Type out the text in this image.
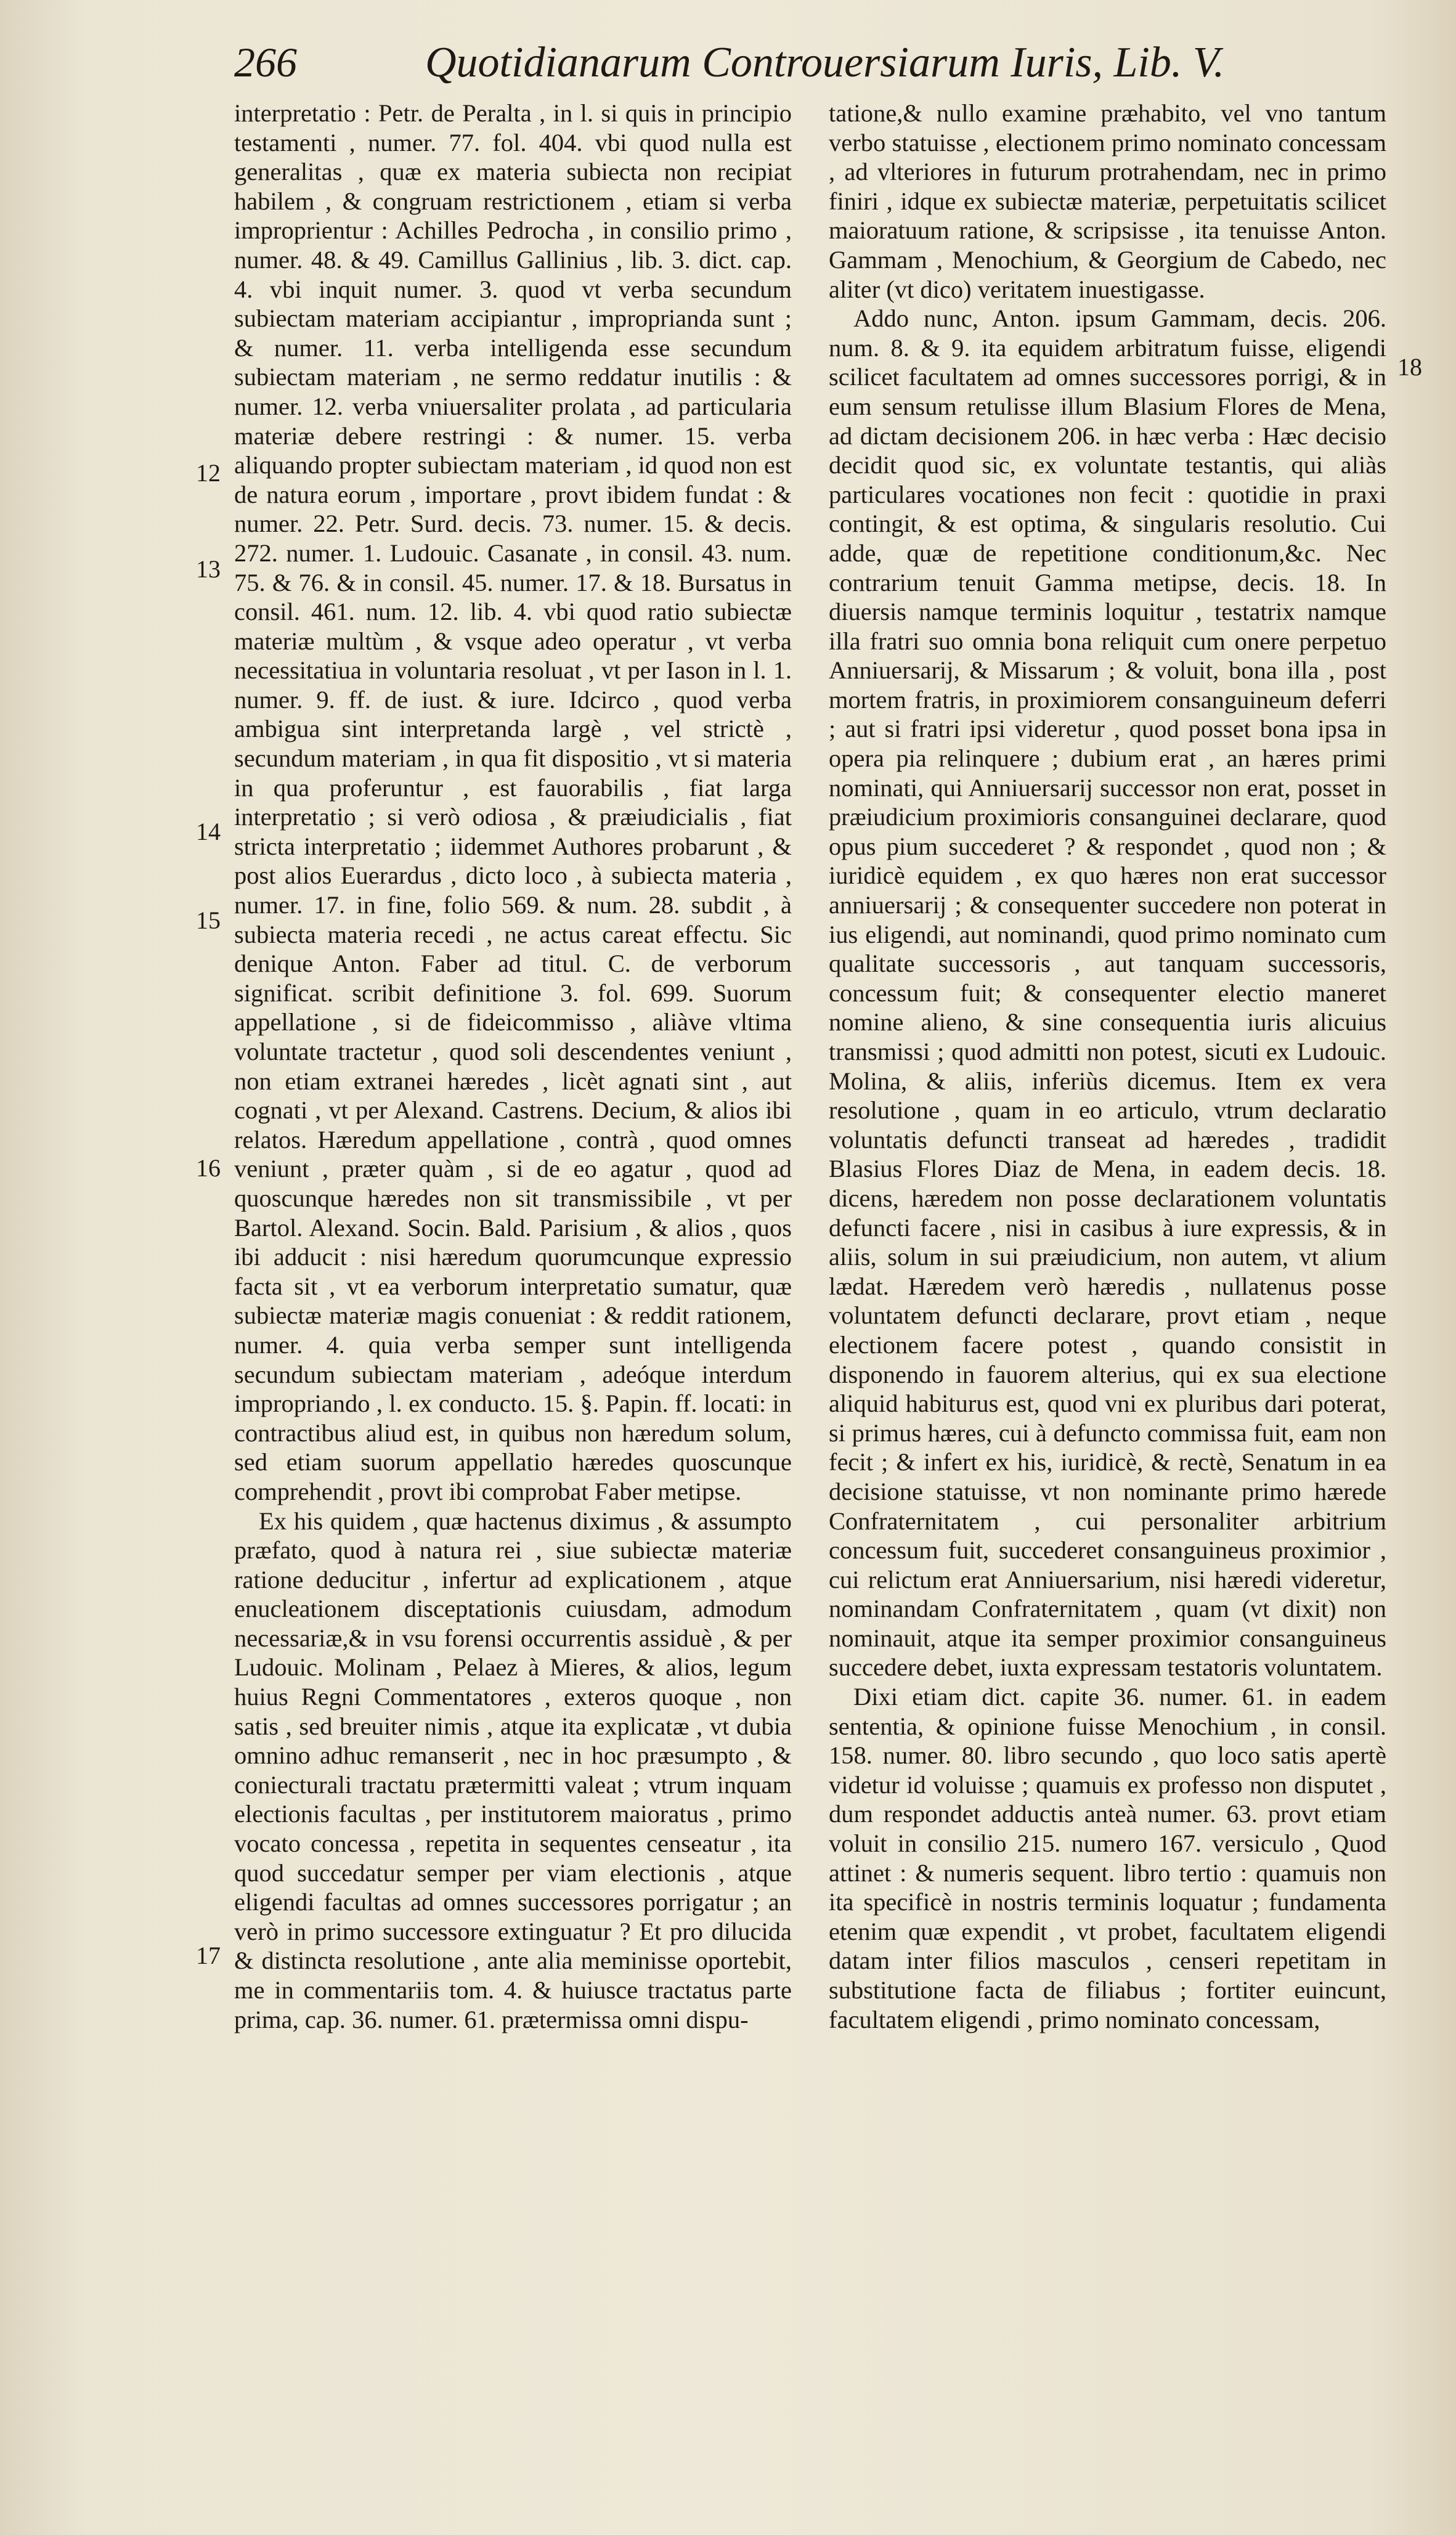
266	Quotidianarum Controuersiarum Iuris, Lib. V.
12
13
14
15
16
17
18

interpretatio : Petr. de Peralta , in l. si quis in principio testamenti , numer. 77. fol. 404. vbi quod nulla est generalitas , quæ ex materia subiecta non recipiat habilem , & congruam restrictionem , etiam si verba improprientur : Achilles Pedrocha , in consilio primo , numer. 48. & 49. Camillus Gallinius , lib. 3. dict. cap. 4. vbi inquit numer. 3. quod vt verba secundum subiectam materiam accipiantur , improprianda sunt ; & numer. 11. verba intelligenda esse secundum subiectam materiam , ne sermo reddatur inutilis : & numer. 12. verba vniuersaliter prolata , ad particularia materiæ debere restringi : & numer. 15. verba aliquando propter subiectam materiam , id quod non est de natura eorum , importare , provt ibidem fundat : & numer. 22. Petr. Surd. decis. 73. numer. 15. & decis. 272. numer. 1. Ludouic. Casanate , in consil. 43. num. 75. & 76. & in consil. 45. numer. 17. & 18. Bursatus in consil. 461. num. 12. lib. 4. vbi quod ratio subiectæ materiæ multùm , & vsque adeo operatur , vt verba necessitatiua in voluntaria resoluat , vt per Iason in l. 1. numer. 9. ff. de iust. & iure. Idcirco , quod verba ambigua sint interpretanda largè , vel strictè , secundum materiam , in qua fit dispositio , vt si materia in qua proferuntur , est fauorabilis , fiat larga interpretatio ; si verò odiosa , & præiudicialis , fiat stricta interpretatio ; iidemmet Authores probarunt , & post alios Euerardus , dicto loco , à subiecta materia , numer. 17. in fine, folio 569. & num. 28. subdit , à subiecta materia recedi , ne actus careat effectu. Sic denique Anton. Faber ad titul. C. de verborum significat. scribit definitione 3. fol. 699. Suorum appellatione , si de fideicommisso , aliàve vltima voluntate tractetur , quod soli descendentes veniunt , non etiam extranei hæredes , licèt agnati sint , aut cognati , vt per Alexand. Castrens. Decium, & alios ibi relatos. Hæredum appellatione , contrà , quod omnes veniunt , præter quàm , si de eo agatur , quod ad quoscunque hæredes non sit transmissibile , vt per Bartol. Alexand. Socin. Bald. Parisium , & alios , quos ibi adducit : nisi hæredum quorumcunque expressio facta sit , vt ea verborum interpretatio sumatur, quæ subiectæ materiæ magis conueniat : & reddit rationem, numer. 4. quia verba semper sunt intelligenda secundum subiectam materiam , adeóque interdum impropriando , l. ex conducto. 15. §. Papin. ff. locati: in contractibus aliud est, in quibus non hæredum solum, sed etiam suorum appellatio hæredes quoscunque comprehendit , provt ibi comprobat Faber metipse.

Ex his quidem , quæ hactenus diximus , & assumpto præfato, quod à natura rei , siue subiectæ materiæ ratione deducitur , infertur ad explicationem , atque enucleationem disceptationis cuiusdam, admodum necessariæ,& in vsu forensi occurrentis assiduè , & per Ludouic. Molinam , Pelaez à Mieres, & alios, legum huius Regni Commentatores , exteros quoque , non satis , sed breuiter nimis , atque ita explicatæ , vt dubia omnino adhuc remanserit , nec in hoc præsumpto , & coniecturali tractatu prætermitti valeat ; vtrum inquam electionis facultas , per institutorem maioratus , primo vocato concessa , repetita in sequentes censeatur , ita quod succedatur semper per viam electionis , atque eligendi facultas ad omnes successores porrigatur ; an verò in primo successore extinguatur ? Et pro dilucida & distincta resolutione , ante alia meminisse oportebit, me in commentariis tom. 4. & huiusce tractatus parte prima, cap. 36. numer. 61. prætermissa omni dispu-

tatione,& nullo examine præhabito, vel vno tantum verbo statuisse , electionem primo nominato concessam , ad vlteriores in futurum protrahendam, nec in primo finiri , idque ex subiectæ materiæ, perpetuitatis scilicet maioratuum ratione, & scripsisse , ita tenuisse Anton. Gammam , Menochium, & Georgium de Cabedo, nec aliter (vt dico) veritatem inuestigasse.

Addo nunc, Anton. ipsum Gammam, decis. 206. num. 8. & 9. ita equidem arbitratum fuisse, eligendi scilicet facultatem ad omnes successores porrigi, & in eum sensum retulisse illum Blasium Flores de Mena, ad dictam decisionem 206. in hæc verba : Hæc decisio decidit quod sic, ex voluntate testantis, qui aliàs particulares vocationes non fecit : quotidie in praxi contingit, & est optima, & singularis resolutio. Cui adde, quæ de repetitione conditionum,&c. Nec contrarium tenuit Gamma metipse, decis. 18. In diuersis namque terminis loquitur , testatrix namque illa fratri suo omnia bona reliquit cum onere perpetuo Anniuersarij, & Missarum ; & voluit, bona illa , post mortem fratris, in proximiorem consanguineum deferri ; aut si fratri ipsi videretur , quod posset bona ipsa in opera pia relinquere ; dubium erat , an hæres primi nominati, qui Anniuersarij successor non erat, posset in præiudicium proximioris consanguinei declarare, quod opus pium succederet ? & respondet , quod non ; & iuridicè equidem , ex quo hæres non erat successor anniuersarij ; & consequenter succedere non poterat in ius eligendi, aut nominandi, quod primo nominato cum qualitate successoris , aut tanquam successoris, concessum fuit; & consequenter electio maneret nomine alieno, & sine consequentia iuris alicuius transmissi ; quod admitti non potest, sicuti ex Ludouic. Molina, & aliis, inferiùs dicemus. Item ex vera resolutione , quam in eo articulo, vtrum declaratio voluntatis defuncti transeat ad hæredes , tradidit Blasius Flores Diaz de Mena, in eadem decis. 18. dicens, hæredem non posse declarationem voluntatis defuncti facere , nisi in casibus à iure expressis, & in aliis, solum in sui præiudicium, non autem, vt alium lædat. Hæredem verò hæredis , nullatenus posse voluntatem defuncti declarare, provt etiam , neque electionem facere potest , quando consistit in disponendo in fauorem alterius, qui ex sua electione aliquid habiturus est, quod vni ex pluribus dari poterat, si primus hæres, cui à defuncto commissa fuit, eam non fecit ; & infert ex his, iuridicè, & rectè, Senatum in ea decisione statuisse, vt non nominante primo hærede Confraternitatem , cui personaliter arbitrium concessum fuit, succederet consanguineus proximior , cui relictum erat Anniuersarium, nisi hæredi videretur, nominandam Confraternitatem , quam (vt dixit) non nominauit, atque ita semper proximior consanguineus succedere debet, iuxta expressam testatoris voluntatem.

Dixi etiam dict. capite 36. numer. 61. in eadem sententia, & opinione fuisse Menochium , in consil. 158. numer. 80. libro secundo , quo loco satis apertè videtur id voluisse ; quamuis ex professo non disputet , dum respondet adductis anteà numer. 63. provt etiam voluit in consilio 215. numero 167. versiculo , Quod attinet : & numeris sequent. libro tertio : quamuis non ita specificè in nostris terminis loquatur ; fundamenta etenim quæ expendit , vt probet, facultatem eligendi datam inter filios masculos , censeri repetitam in substitutione facta de filiabus ; fortiter euincunt, facultatem eligendi , primo nominato concessam,
